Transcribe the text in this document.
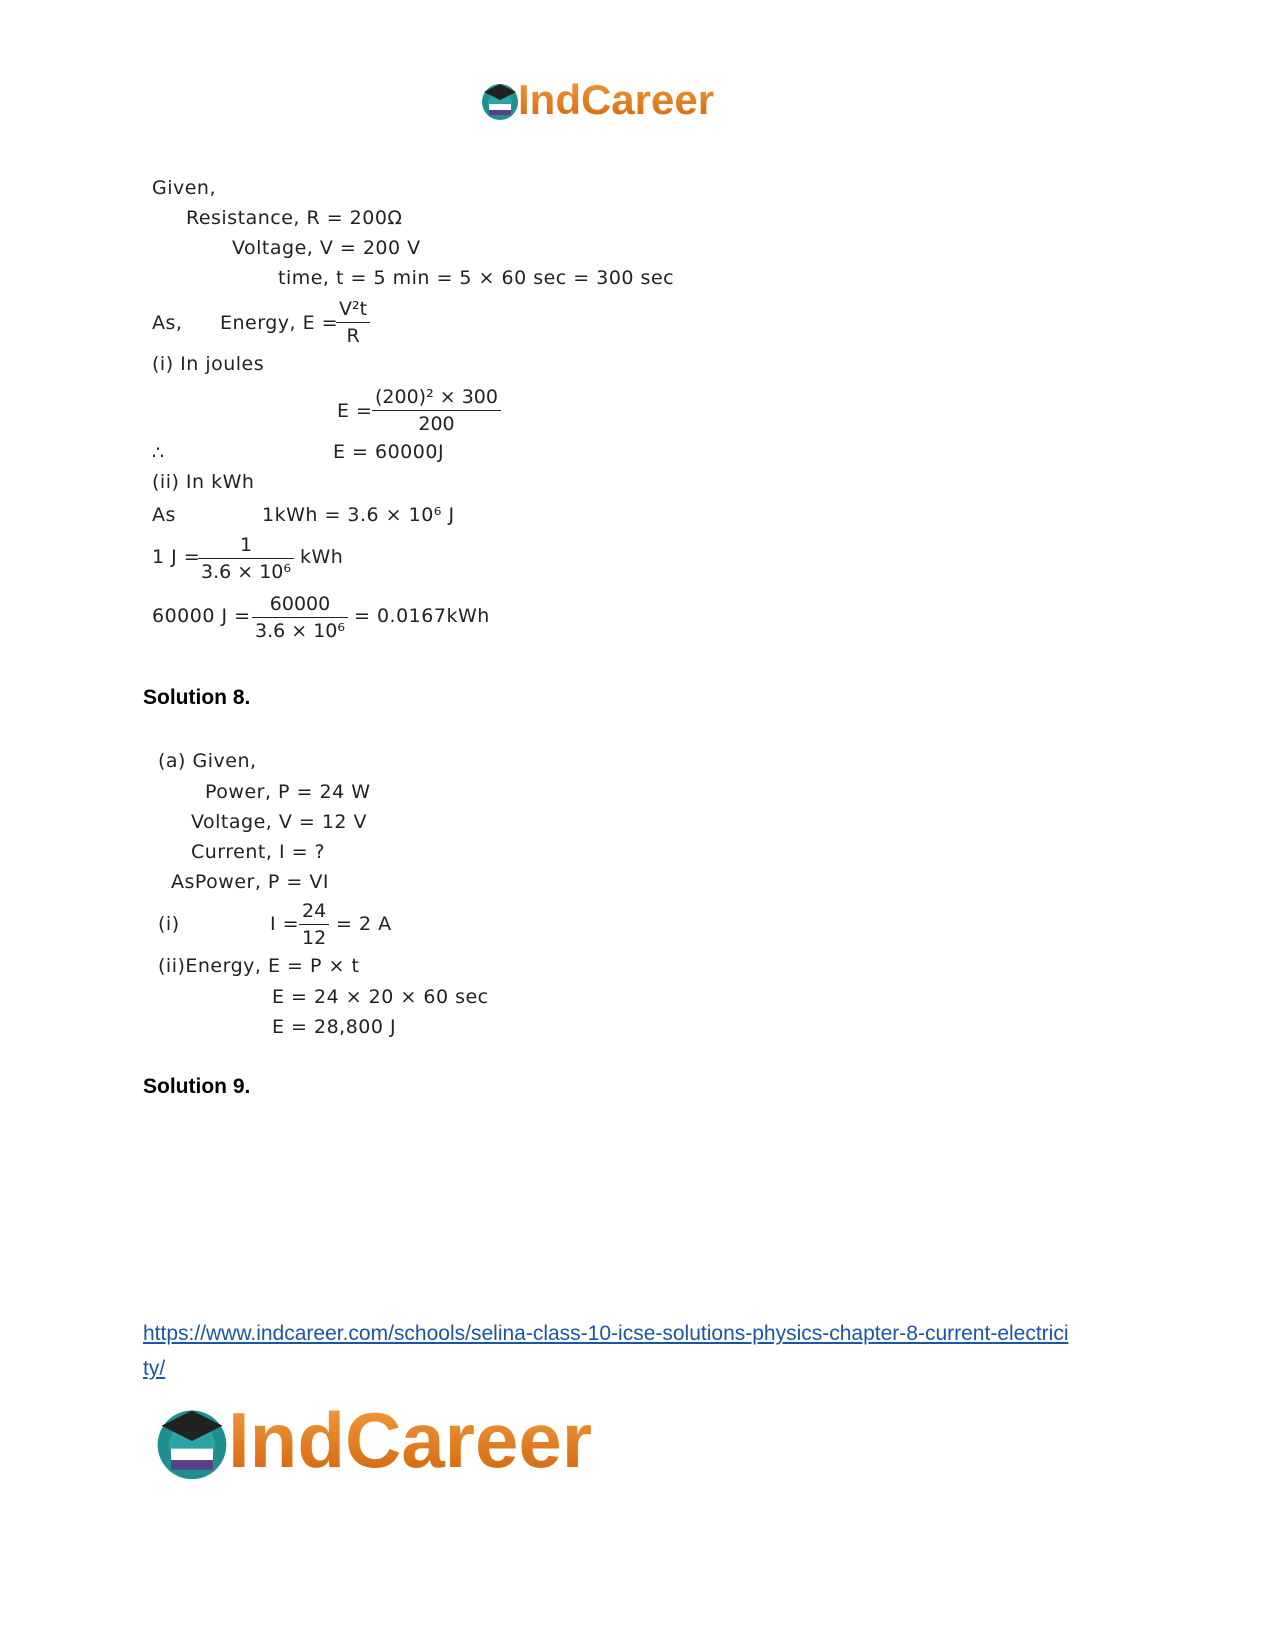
IndCareer
Given,
Resistance, R = 200Ω
Voltage, V = 200 V
time, t = 5 min = 5 × 60 sec = 300 sec
As, Energy, E =
$\frac{\text{V²t}}{R}$
(i) In joules
$E = \frac{\text{(200)² × 300}}{200}$
∴	E = 60000J
(ii) In kWh
As	1kWh = 3.6 × 10⁶ J
1 J =
$\frac{1}{\text{3.6 × 10⁶}}$ kWh
60000 $J = \frac{60000}{\text{3.6 × 10⁶}} = 0.0167kWh$
Solution 8.
(a) Given,
Power, P = 24 W
Voltage, V = 12 V
Current, I = ?
AsPower, P = VI
(i)	$I = \frac{24}{12} = 2$ A
(ii)Energy, E = P × t
E = 24 × 20 × 60 sec
E = 28,800 J
Solution 9.
https://www.indcareer.com/schools/selina-class-10-icse-solutions-physics-chapter-8-current-electricity/
IndCareer
